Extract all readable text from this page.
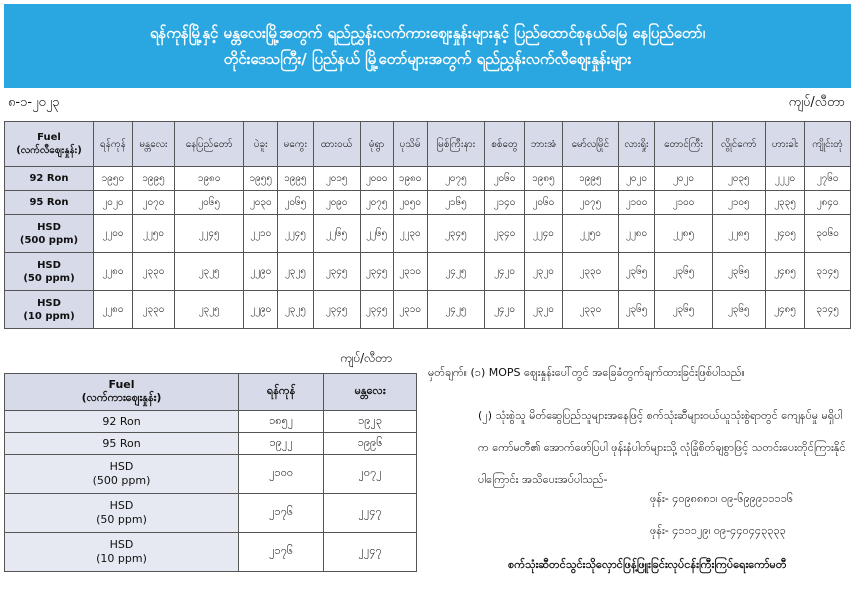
ရန်ကုန်မြို့နှင့် မန္တလေးမြို့အတွက် ရည်ညွှန်းလက်ကားဈေးနှုန်းများနှင့် ပြည်ထောင်စုနယ်မြေ နေပြည်တော်၊
တိုင်းဒေသကြီး/ ပြည်နယ် မြို့တော်များအတွက် ရည်ညွှန်းလက်လီဈေးနှုန်းများ
၈-၁-၂၀၂၃	ကျပ်/လီတာ
Fuel
(လက်လီဈေးနှုန်း)	ရန်ကုန်	မန္တလေး	နေပြည်တော်	ပဲခူး	မကွေး	ထားဝယ်	မုံရွာ	ပုသိမ်	မြစ်ကြီးနား	စစ်တွေ	ဘားအံ	မော်လမြိုင်	လားရှိုး	တောင်ကြီး	လွိုင်ကော်	ဟားခါး	ကျိုင်းတုံ
92 Ron	၁၉၅၀	၁၉၉၅	၁၉၈၀	၁၉၅၅	၁၉၉၅	၂၀၁၅	၂၀၀၀	၁၉၈၀	၂၀၇၅	၂၀၆၀	၁၉၈၅	၁၉၉၅	၂၀၂၀	၂၀၂၀	၂၀၃၅	၂၂၂၀	၂၇၆၀
95 Ron	၂၀၂၀	၂၀၇၀	၂၀၆၅	၂၀၃၀	၂၀၆၅	၂၀၉၀	၂၀၇၅	၂၀၅၀	၂၁၆၅	၂၁၄၀	၂၀၆၀	၂၀၇၅	၂၁၀၀	၂၁၀၀	၂၁၀၅	၂၃၃၅	၂၈၄၀
HSD
(500 ppm)	၂၂၀၀	၂၂၅၀	၂၂၄၅	၂၂၁၀	၂၂၄၅	၂၂၆၅	၂၂၆၅	၂၂၃၀	၂၃၄၅	၂၃၄၀	၂၂၄၀	၂၂၅၀	၂၂၈၀	၂၂၈၅	၂၂၈၅	၂၄၀၅	၃၀၆၀
HSD
(50 ppm)	၂၂၈၀	၂၃၃၀	၂၃၂၅	၂၂၉၀	၂၃၂၅	၂၃၄၅	၂၃၄၅	၂၃၁၀	၂၄၂၅	၂၄၂၀	၂၃၂၀	၂၃၃၀	၂၃၆၅	၂၃၆၅	၂၃၆၅	၂၄၈၅	၃၁၄၅
HSD
(10 ppm)	၂၂၈၀	၂၃၃၀	၂၃၂၅	၂၂၉၀	၂၃၂၅	၂၃၄၅	၂၃၄၅	၂၃၁၀	၂၄၂၅	၂၄၂၀	၂၃၂၀	၂၃၃၀	၂၃၆၅	၂၃၆၅	၂၃၆၅	၂၄၈၅	၃၁၄၅
ကျပ်/လီတာ
Fuel
(လက်ကားဈေးနှုန်း)	ရန်ကုန်	မန္တလေး
92 Ron	၁၈၅၂	၁၉၂၃
95 Ron	၁၉၂၂	၁၉၉၆
HSD
(500 ppm)	၂၁၀၀	၂၀၇၂
HSD
(50 ppm)	၂၁၇၆	၂၂၄၇
HSD
(10 ppm)	၂၁၇၆	၂၂၄၇
မှတ်ချက်။ (၁) MOPS ဈေးနှုန်းပေါ်တွင် အခြေခံတွက်ချက်ထားခြင်းဖြစ်ပါသည်။
(၂) သုံးစွဲသူ မိတ်ဆွေပြည်သူများအနေဖြင့် စက်သုံးဆီများဝယ်ယူသုံးစွဲရာတွင် ကျေနပ်မှု မရှိပါက ကော်မတီ၏ အောက်ဖော်ပြပါ ဖုန်းနံပါတ်များသို့ လုံခြုံစိတ်ချစွာဖြင့် သတင်းပေးတိုင်ကြားနိုင်ပါကြောင်း အသိပေးအပ်ပါသည်-
ဖုန်း- ၄၀၉၈၈၈၁၊ ၀၉-၆၉၉၉၁၁၁၁၆
ဖုန်း- ၄၁၁၁၂၉၊ ၀၉-၄၄၀၄၄၃၃၃၃
စက်သုံးဆီတင်သွင်းသိုလှောင်ဖြန့်ဖြူးခြင်းလုပ်ငန်းကြီးကြပ်ရေးကော်မတီ
